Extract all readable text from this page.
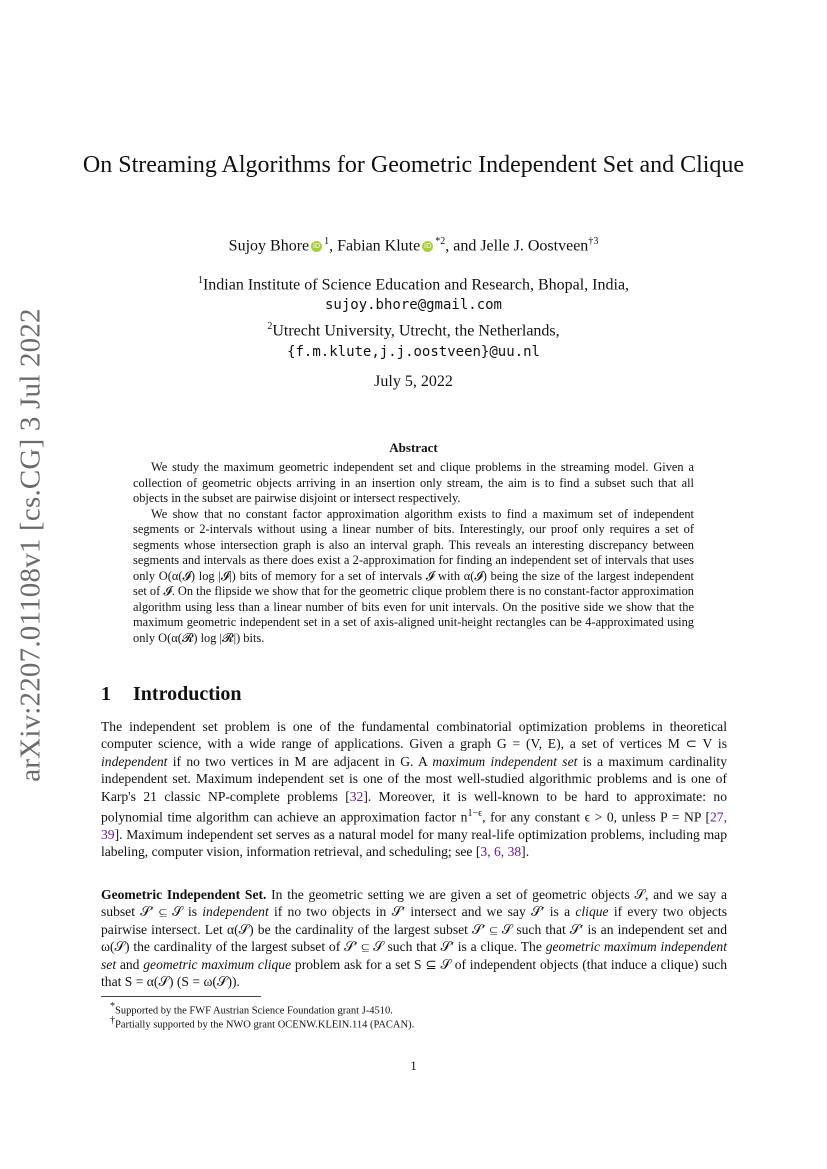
arXiv:2207.01108v1 [cs.CG] 3 Jul 2022
On Streaming Algorithms for Geometric Independent Set and Clique
Sujoy Bhore iD $^1$, Fabian Klute iD $^{*2}$, and Jelle J. Oostveen$^{\dagger 3}$
$^1$Indian Institute of Science Education and Research, Bhopal, India,
sujoy.bhore@gmail.com
$^2$Utrecht University, Utrecht, the Netherlands,
{f.m.klute,j.j.oostveen}@uu.nl
July 5, 2022
Abstract

We study the maximum geometric independent set and clique problems in the streaming model. Given a collection of geometric objects arriving in an insertion only stream, the aim is to find a subset such that all objects in the subset are pairwise disjoint or intersect respectively.

We show that no constant factor approximation algorithm exists to find a maximum set of independent segments or 2-intervals without using a linear number of bits. Interestingly, our proof only requires a set of segments whose intersection graph is also an interval graph. This reveals an interesting discrepancy between segments and intervals as there does exist a 2-approximation for finding an independent set of intervals that uses only O(α(𝓘) log |𝓘|) bits of memory for a set of intervals 𝓘 with α(𝓘) being the size of the largest independent set of 𝓘. On the flipside we show that for the geometric clique problem there is no constant-factor approximation algorithm using less than a linear number of bits even for unit intervals. On the positive side we show that the maximum geometric independent set in a set of axis-aligned unit-height rectangles can be 4-approximated using only O(α(𝓡) log |𝓡|) bits.

1 Introduction

The independent set problem is one of the fundamental combinatorial optimization problems in theoretical computer science, with a wide range of applications. Given a graph G = (V, E), a set of vertices M ⊂ V is independent if no two vertices in M are adjacent in G. A maximum independent set is a maximum cardinality independent set. Maximum independent set is one of the most well-studied algorithmic problems and is one of Karp's 21 classic NP-complete problems [32]. Moreover, it is well-known to be hard to approximate: no polynomial time algorithm can achieve an approximation factor $n^{1-\epsilon}$, for any constant ϵ > 0, unless P = NP [27, 39]. Maximum independent set serves as a natural model for many real-life optimization problems, including map labeling, computer vision, information retrieval, and scheduling; see [3, 6, 38].

Geometric Independent Set. In the geometric setting we are given a set of geometric objects 𝒮, and we say a subset 𝒮′ ⊆ 𝒮 is independent if no two objects in 𝒮′ intersect and we say 𝒮′ is a clique if every two objects pairwise intersect. Let α(𝒮) be the cardinality of the largest subset 𝒮′ ⊆ 𝒮 such that 𝒮′ is an independent set and ω(𝒮) the cardinality of the largest subset of 𝒮′ ⊆ 𝒮 such that 𝒮′ is a clique. The geometric maximum independent set and geometric maximum clique problem ask for a set S ⊆ 𝒮 of independent objects (that induce a clique) such that S = α(𝒮) (S = ω(𝒮)).

*Supported by the FWF Austrian Science Foundation grant J-4510.
†Partially supported by the NWO grant OCENW.KLEIN.114 (PACAN).
1
